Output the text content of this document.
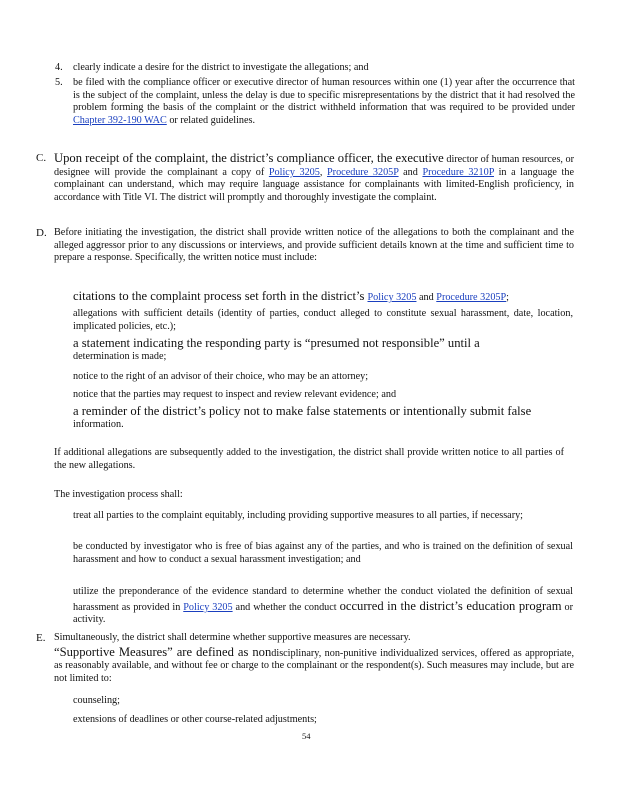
4. clearly indicate a desire for the district to investigate the allegations; and
5. be filed with the compliance officer or executive director of human resources within one (1) year after the occurrence that is the subject of the complaint, unless the delay is due to specific misrepresentations by the district that it had resolved the problem forming the basis of the complaint or the district withheld information that was required to be provided under Chapter 392-190 WAC or related guidelines.
C. Upon receipt of the complaint, the district’s compliance officer, the executive director of human resources, or designee will provide the complainant a copy of Policy 3205, Procedure 3205P and Procedure 3210P in a language the complainant can understand, which may require language assistance for complainants with limited-English proficiency, in accordance with Title VI. The district will promptly and thoroughly investigate the complaint.
D. Before initiating the investigation, the district shall provide written notice of the allegations to both the complainant and the alleged aggressor prior to any discussions or interviews, and provide sufficient details known at the time and sufficient time to prepare a response. Specifically, the written notice must include:
citations to the complaint process set forth in the district’s Policy 3205 and Procedure 3205P;
allegations with sufficient details (identity of parties, conduct alleged to constitute sexual harassment, date, location, implicated policies, etc.);
a statement indicating the responding party is “presumed not responsible” until a
determination is made;
notice to the right of an advisor of their choice, who may be an attorney;
notice that the parties may request to inspect and review relevant evidence; and
a reminder of the district’s policy not to make false statements or intentionally submit false
information.
If additional allegations are subsequently added to the investigation, the district shall provide written notice to all parties of the new allegations.
The investigation process shall:
treat all parties to the complaint equitably, including providing supportive measures to all parties, if necessary;
be conducted by investigator who is free of bias against any of the parties, and who is trained on the definition of sexual harassment and how to conduct a sexual harassment investigation; and
utilize the preponderance of the evidence standard to determine whether the conduct violated the definition of sexual harassment as provided in Policy 3205 and whether the conduct occurred in the district’s education program or activity.
E. Simultaneously, the district shall determine whether supportive measures are necessary.
“Supportive Measures” are defined as nondisciplinary, non-punitive individualized services, offered as appropriate, as reasonably available, and without fee or charge to the complainant or the respondent(s). Such measures may include, but are not limited to:
counseling;
extensions of deadlines or other course-related adjustments;
54
